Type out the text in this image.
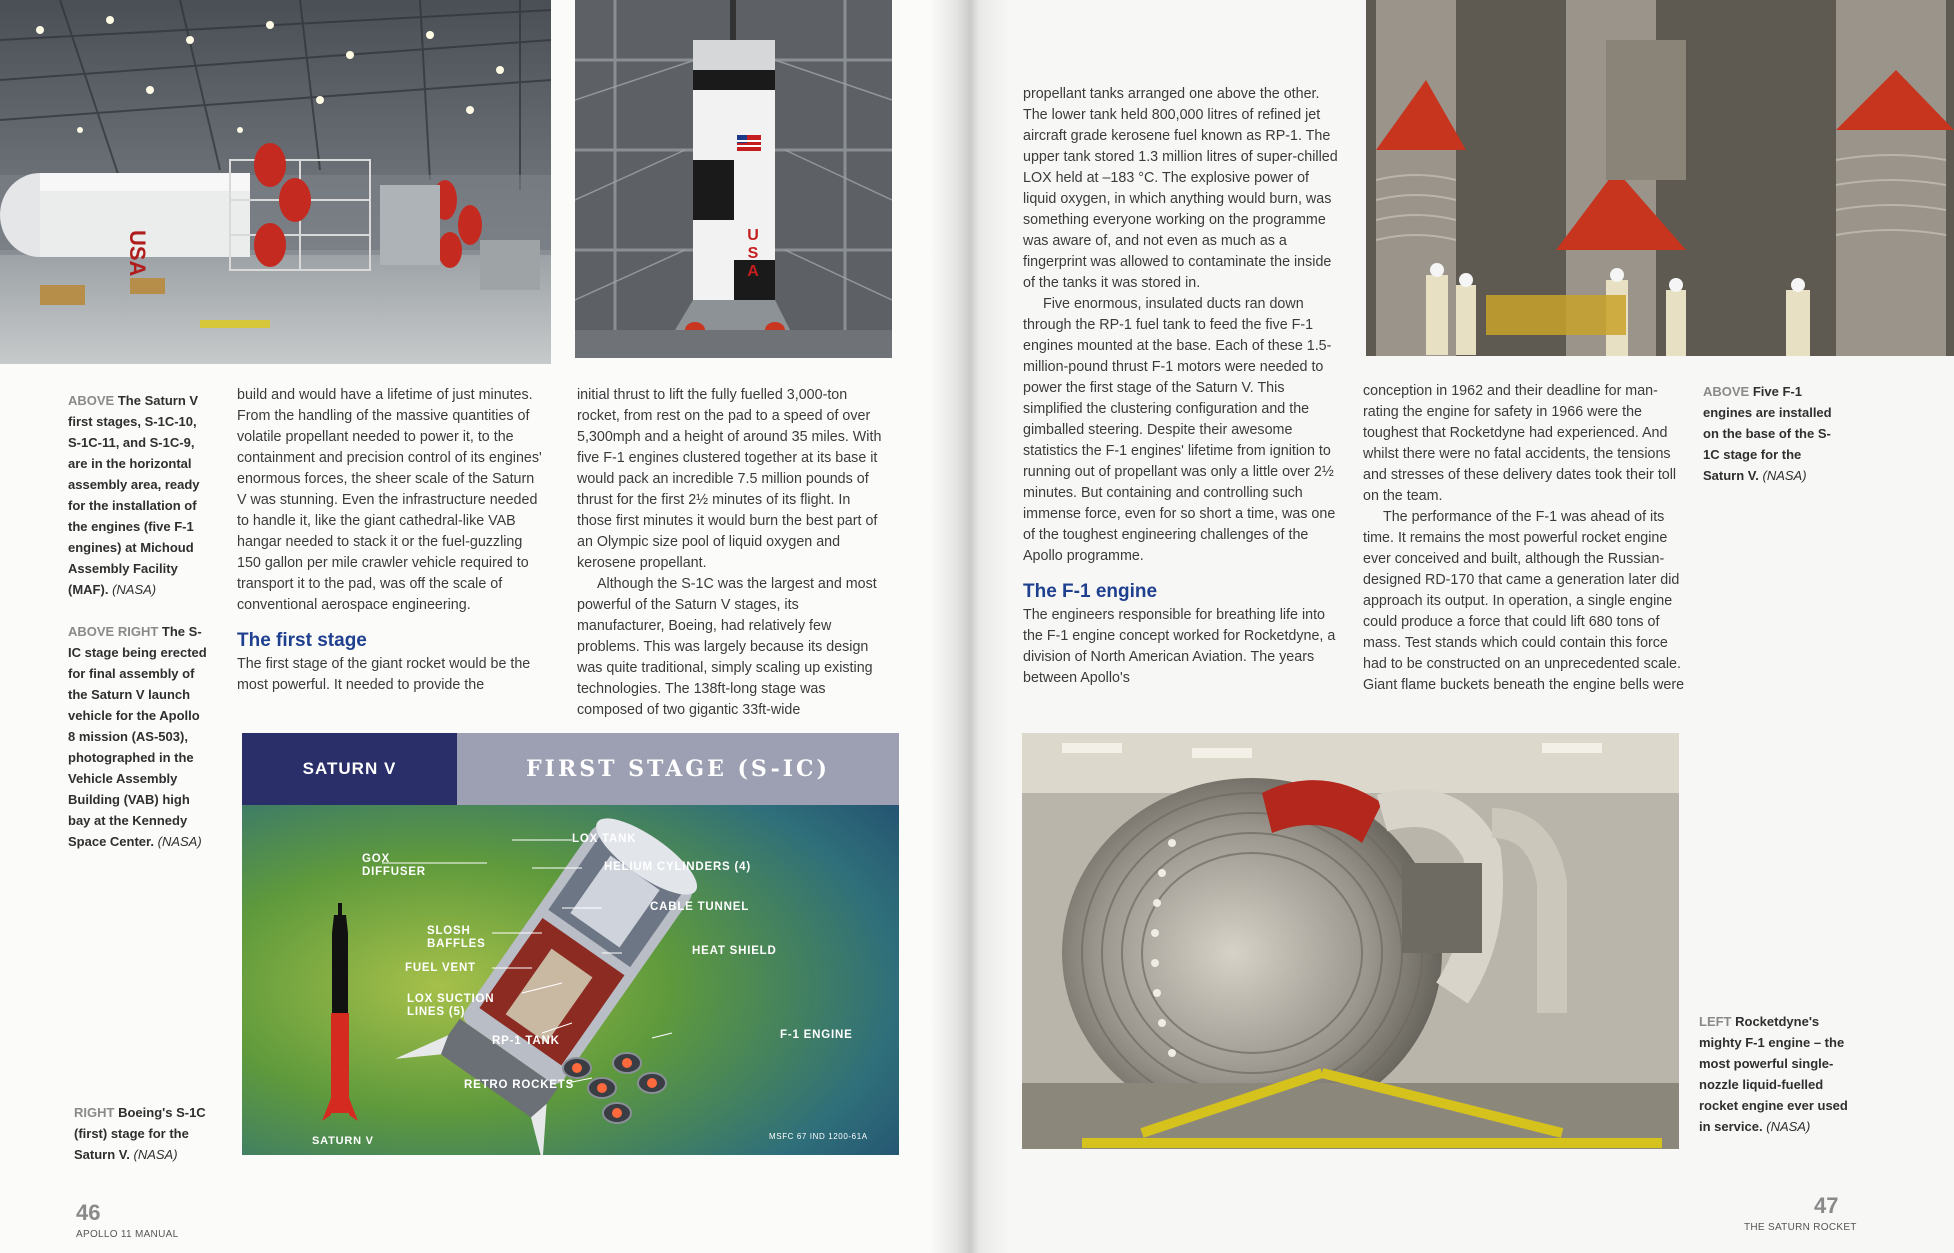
USA	U
S
A
ABOVE The Saturn V first stages, S-1C-10, S-1C-11, and S-1C-9, are in the horizontal assembly area, ready for the installation of the engines (five F-1 engines) at Michoud Assembly Facility (MAF). (NASA)
ABOVE RIGHT The S-IC stage being erected for final assembly of the Saturn V launch vehicle for the Apollo 8 mission (AS-503), photographed in the Vehicle Assembly Building (VAB) high bay at the Kennedy Space Center. (NASA)
RIGHT Boeing's S-1C (first) stage for the Saturn V. (NASA)

build and would have a lifetime of just minutes. From the handling of the massive quantities of volatile propellant needed to power it, to the containment and precision control of its engines' enormous forces, the sheer scale of the Saturn V was stunning. Even the infrastructure needed to handle it, like the giant cathedral-like VAB hangar needed to stack it or the fuel-guzzling 150 gallon per mile crawler vehicle required to transport it to the pad, was off the scale of conventional aerospace engineering.

The first stage

The first stage of the giant rocket would be the most powerful. It needed to provide the

initial thrust to lift the fully fuelled 3,000-ton rocket, from rest on the pad to a speed of over 5,300mph and a height of around 35 miles. With five F-1 engines clustered together at its base it would pack an incredible 7.5 million pounds of thrust for the first 2½ minutes of its flight. In those first minutes it would burn the best part of an Olympic size pool of liquid oxygen and kerosene propellant.

Although the S-1C was the largest and most powerful of the Saturn V stages, its manufacturer, Boeing, had relatively few problems. This was largely because its design was quite traditional, simply scaling up existing technologies. The 138ft-long stage was composed of two gigantic 33ft-wide

SATURN V	FIRST STAGE (S-IC)
LOX TANK
GOX DIFFUSER	HELIUM CYLINDERS (4)
CABLE TUNNEL
SLOSH BAFFLES
HEAT SHIELD
FUEL VENT
LOX SUCTION LINES (5)
RP-1 TANK	F-1 ENGINE
RETRO ROCKETS
SATURN V	MSFC 67 IND 1200-61A
46
APOLLO 11 MANUAL

propellant tanks arranged one above the other. The lower tank held 800,000 litres of refined jet aircraft grade kerosene fuel known as RP-1. The upper tank stored 1.3 million litres of super-chilled LOX held at –183 °C. The explosive power of liquid oxygen, in which anything would burn, was something everyone working on the programme was aware of, and not even as much as a fingerprint was allowed to contaminate the inside of the tanks it was stored in.

Five enormous, insulated ducts ran down through the RP-1 fuel tank to feed the five F-1 engines mounted at the base. Each of these 1.5-million-pound thrust F-1 motors were needed to power the first stage of the Saturn V. This simplified the clustering configuration and the gimballed steering. Despite their awesome statistics the F-1 engines' lifetime from ignition to running out of propellant was only a little over 2½ minutes. But containing and controlling such immense force, even for so short a time, was one of the toughest engineering challenges of the Apollo programme.

The F-1 engine

The engineers responsible for breathing life into the F-1 engine concept worked for Rocketdyne, a division of North American Aviation. The years between Apollo's

conception in 1962 and their deadline for man-rating the engine for safety in 1966 were the toughest that Rocketdyne had experienced. And whilst there were no fatal accidents, the tensions and stresses of these delivery dates took their toll on the team.

The performance of the F-1 was ahead of its time. It remains the most powerful rocket engine ever conceived and built, although the Russian-designed RD-170 that came a generation later did approach its output. In operation, a single engine could produce a force that could lift 680 tons of mass. Test stands which could contain this force had to be constructed on an unprecedented scale. Giant flame buckets beneath the engine bells were

ABOVE Five F-1 engines are installed on the base of the S-1C stage for the Saturn V. (NASA)
LEFT Rocketdyne's mighty F-1 engine – the most powerful single-nozzle liquid-fuelled rocket engine ever used in service. (NASA)
47
THE SATURN ROCKET
